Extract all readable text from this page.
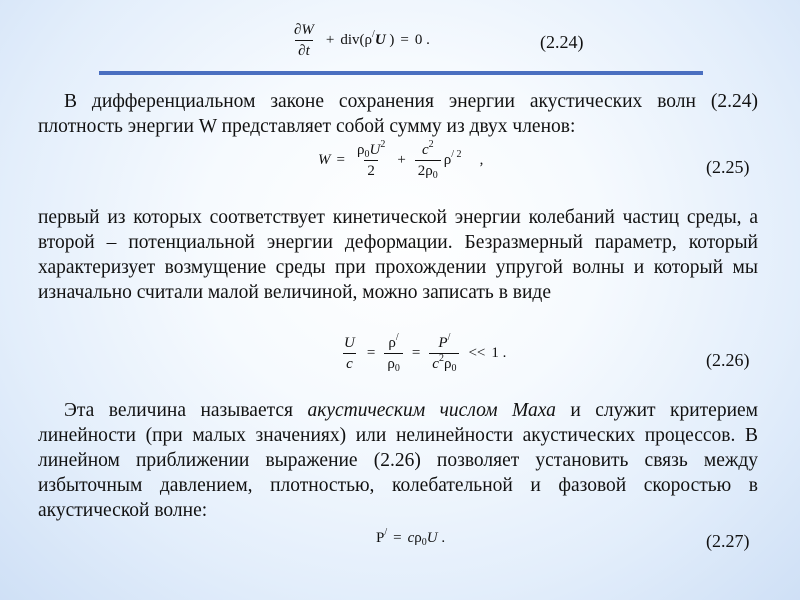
$\frac{\partial W}{\partial t} + div(\rho^/U$ ) = 0 .	(2.24)

В дифференциальном законе сохранения энергии акустических волн (2.24) плотность энергии W представляет собой сумму из двух членов:

$W = \frac{\rho_0U^2}{2} + \frac{c^2}{2\rho_0} \rho^{/ 2}$ ,	(2.25)

первый из которых соответствует кинетической энергии колебаний частиц среды, а второй – потенциальной энергии деформации. Безразмерный параметр, который характеризует возмущение среды при прохождении упругой волны и который мы изначально считали малой величиной, можно записать в виде

$\frac{U}{c} = \frac{\rho^/}{\rho_0} = \frac{P^/}{c^2\rho_0} << 1$ .	(2.26)

Эта величина называется акустическим числом Маха и служит критерием линейности (при малых значениях) или нелинейности акустических процессов. В линейном приближении выражение (2.26) позволяет установить связь между избыточным давлением, плотностью, колебательной и фазовой скоростью в акустической волне:

$P^/ = c\rho_0U$ .	(2.27)
